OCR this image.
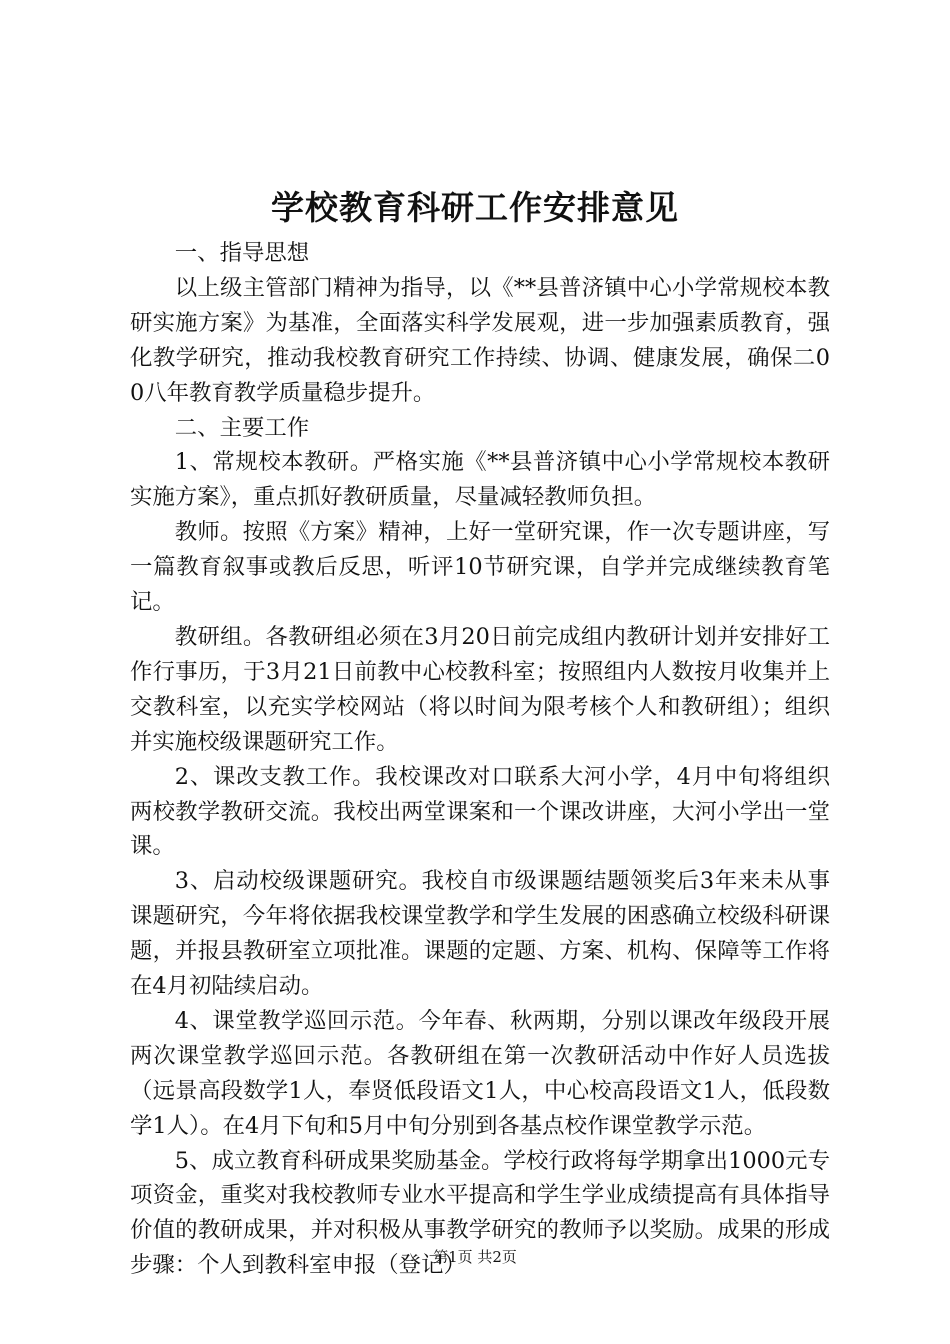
学校教育科研工作安排意见

一、指导思想

以上级主管部门精神为指导，以《**县普济镇中心小学常规校本教研实施方案》为基准，全面落实科学发展观，进一步加强素质教育，强化教学研究，推动我校教育研究工作持续、协调、健康发展，确保二00八年教育教学质量稳步提升。

二、主要工作

1、常规校本教研。严格实施《**县普济镇中心小学常规校本教研实施方案》，重点抓好教研质量，尽量减轻教师负担。

教师。按照《方案》精神，上好一堂研究课，作一次专题讲座，写一篇教育叙事或教后反思，听评10节研究课，自学并完成继续教育笔记。

教研组。各教研组必须在3月20日前完成组内教研计划并安排好工作行事历，于3月21日前教中心校教科室；按照组内人数按月收集并上交教科室，以充实学校网站（将以时间为限考核个人和教研组）；组织并实施校级课题研究工作。

2、课改支教工作。我校课改对口联系大河小学，4月中旬将组织两校教学教研交流。我校出两堂课案和一个课改讲座，大河小学出一堂课。

3、启动校级课题研究。我校自市级课题结题领奖后3年来未从事课题研究，今年将依据我校课堂教学和学生发展的困惑确立校级科研课题，并报县教研室立项批准。课题的定题、方案、机构、保障等工作将在4月初陆续启动。

4、课堂教学巡回示范。今年春、秋两期，分别以课改年级段开展两次课堂教学巡回示范。各教研组在第一次教研活动中作好人员选拔（远景高段数学1人，奉贤低段语文1人，中心校高段语文1人，低段数学1人）。在4月下旬和5月中旬分别到各基点校作课堂教学示范。

5、成立教育科研成果奖励基金。学校行政将每学期拿出1000元专项资金，重奖对我校教师专业水平提高和学生学业成绩提高有具体指导价值的教研成果，并对积极从事教学研究的教师予以奖励。成果的形成步骤：个人到教科室申报（登记）

第1页 共2页
